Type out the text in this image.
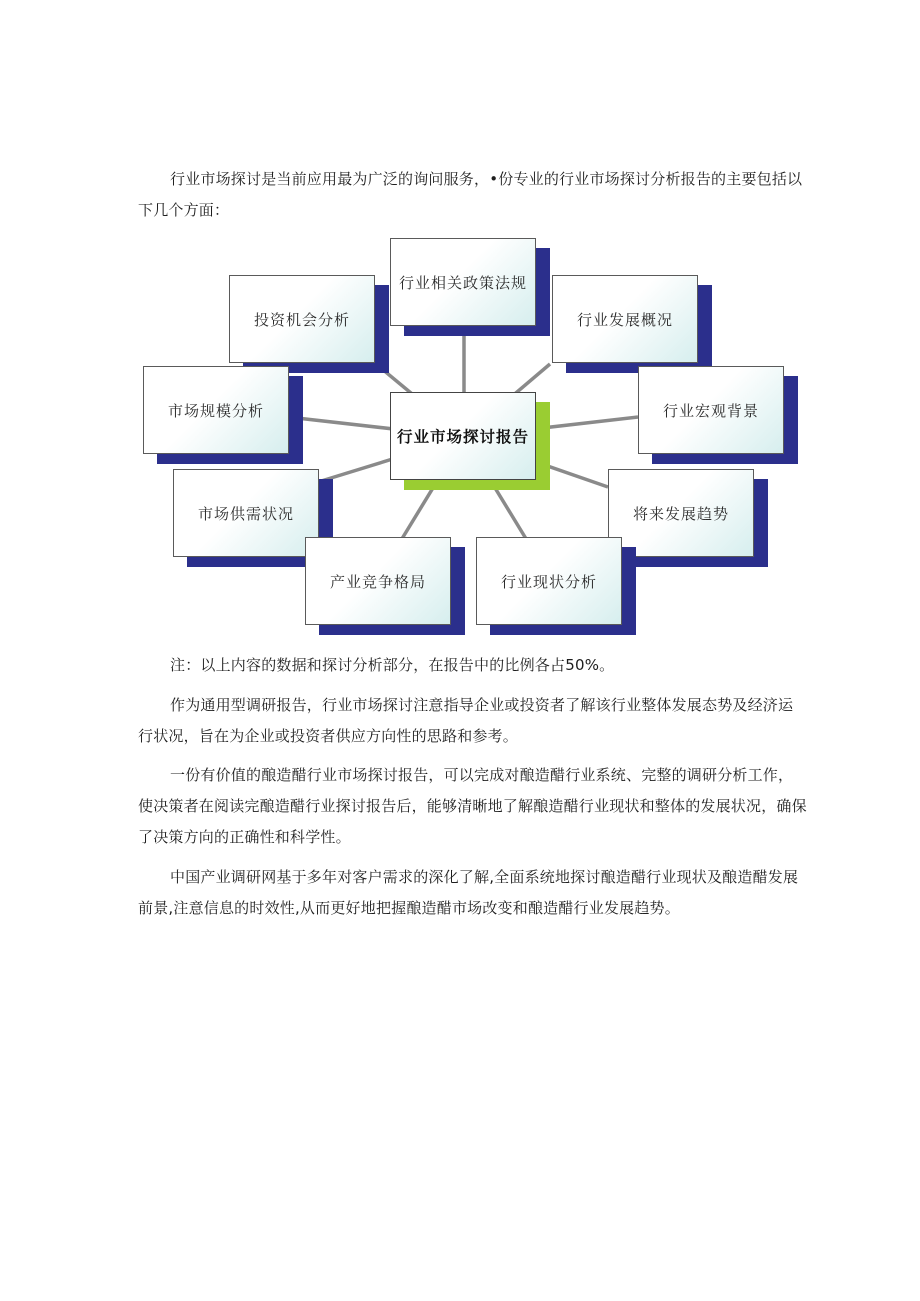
行业市场探讨是当前应用最为广泛的询问服务，•份专业的行业市场探讨分析报告的主要包括以下几个方面：

行业相关政策法规
投资机会分析	行业发展概况
市场规模分析	行业宏观背景
市场供需状况	将来发展趋势
产业竞争格局	行业现状分析
行业市场探讨报告

注：以上内容的数据和探讨分析部分，在报告中的比例各占50%。

作为通用型调研报告，行业市场探讨注意指导企业或投资者了解该行业整体发展态势及经济运行状况，旨在为企业或投资者供应方向性的思路和参考。

一份有价值的酿造醋行业市场探讨报告，可以完成对酿造醋行业系统、完整的调研分析工作，使决策者在阅读完酿造醋行业探讨报告后，能够清晰地了解酿造醋行业现状和整体的发展状况，确保了决策方向的正确性和科学性。

中国产业调研网基于多年对客户需求的深化了解,全面系统地探讨酿造醋行业现状及酿造醋发展前景,注意信息的时效性,从而更好地把握酿造醋市场改变和酿造醋行业发展趋势。
